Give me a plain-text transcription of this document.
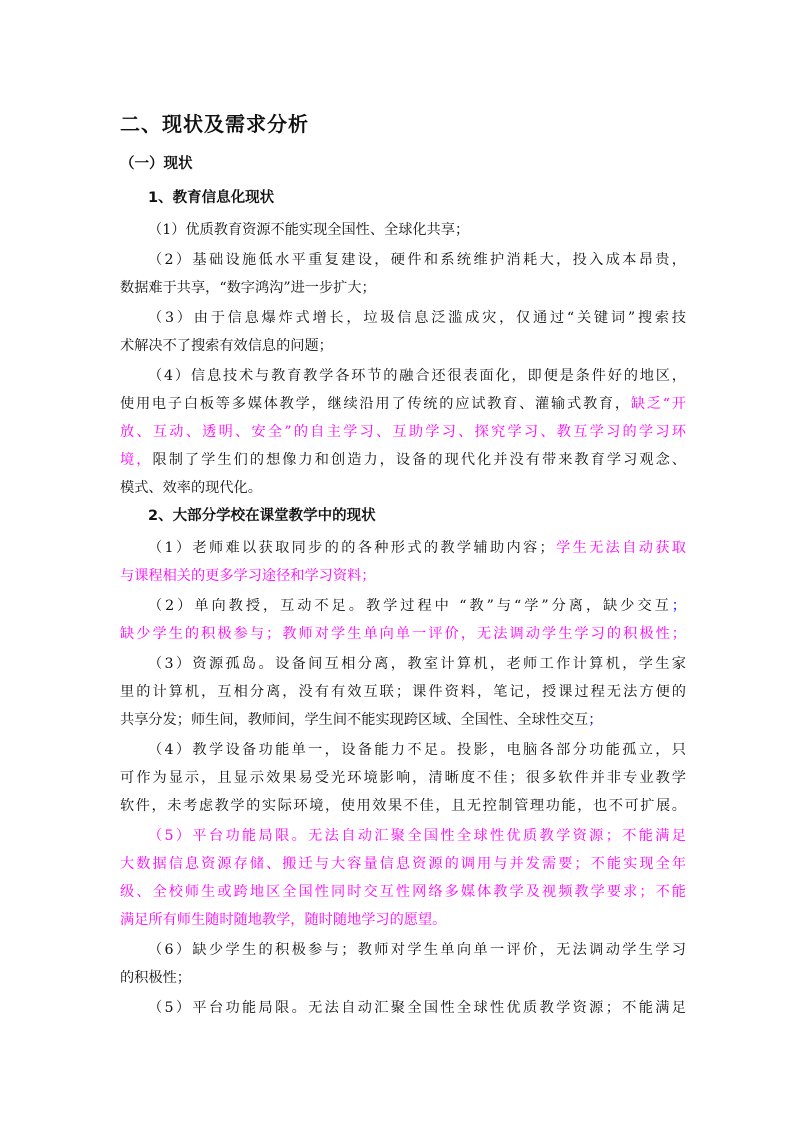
二、现状及需求分析
（一）现状
1、教育信息化现状
（1）优质教育资源不能实现全国性、全球化共享；
（2）基础设施低水平重复建设，硬件和系统维护消耗大，投入成本昂贵，
数据难于共享，“数字鸿沟”进一步扩大；
（3）由于信息爆炸式增长，垃圾信息泛滥成灾，仅通过“关键词”搜索技
术解决不了搜索有效信息的问题；
（4）信息技术与教育教学各环节的融合还很表面化，即便是条件好的地区，
使用电子白板等多媒体教学，继续沿用了传统的应试教育、灌输式教育，缺乏“开
放、互动、透明、安全”的自主学习、互助学习、探究学习、教互学习的学习环
境，限制了学生们的想像力和创造力，设备的现代化并没有带来教育学习观念、
模式、效率的现代化。
2、大部分学校在课堂教学中的现状
（1）老师难以获取同步的的各种形式的教学辅助内容；学生无法自动获取
与课程相关的更多学习途径和学习资料；
（2）单向教授，互动不足。教学过程中 “教”与“学”分离，缺少交互；
缺少学生的积极参与；教师对学生单向单一评价，无法调动学生学习的积极性；
（3）资源孤岛。设备间互相分离，教室计算机，老师工作计算机，学生家
里的计算机，互相分离，没有有效互联；课件资料，笔记，授课过程无法方便的
共享分发；师生间，教师间，学生间不能实现跨区域、全国性、全球性交互；
（4）教学设备功能单一，设备能力不足。投影，电脑各部分功能孤立，只
可作为显示，且显示效果易受光环境影响，清晰度不佳；很多软件并非专业教学
软件，未考虑教学的实际环境，使用效果不佳，且无控制管理功能，也不可扩展。
（5）平台功能局限。无法自动汇聚全国性全球性优质教学资源；不能满足
大数据信息资源存储、搬迁与大容量信息资源的调用与并发需要；不能实现全年
级、全校师生或跨地区全国性同时交互性网络多媒体教学及视频教学要求；不能
满足所有师生随时随地教学，随时随地学习的愿望。
（6）缺少学生的积极参与；教师对学生单向单一评价，无法调动学生学习
的积极性；
（5）平台功能局限。无法自动汇聚全国性全球性优质教学资源；不能满足
